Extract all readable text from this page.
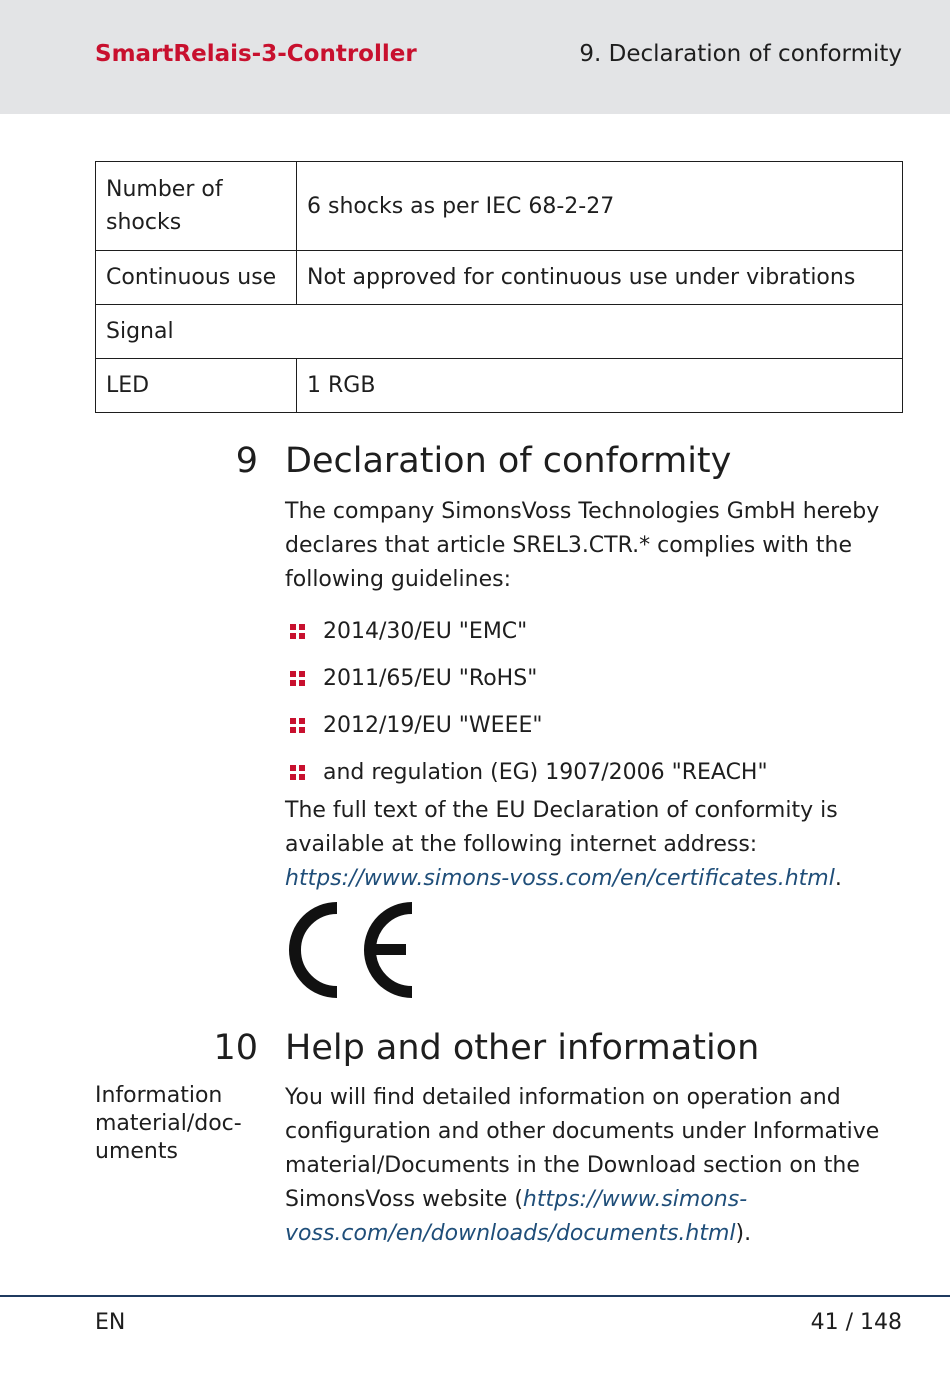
SmartRelais-3-Controller	9. Declaration of conformity
Number of shocks	6 shocks as per IEC 68-2-27
Continuous use	Not approved for continuous use under vibrations
Signal	
LED	1 RGB
9 Declaration of conformity

The company SimonsVoss Technologies GmbH hereby declares that article SREL3.CTR.* complies with the following guidelines:

2014/30/EU "EMC"
2011/65/EU "RoHS"
2012/19/EU "WEEE"
and regulation (EG) 1907/2006 "REACH"

The full text of the EU Declaration of conformity is available at the following internet address: https://www.simons-voss.com/en/certificates.html.

10 Help and other information
Information material/documents

You will find detailed information on operation and configuration and other documents under Informative material/Documents in the Download section on the SimonsVoss website (https://www.simons-voss.com/en/downloads/documents.html).

EN	41 / 148
